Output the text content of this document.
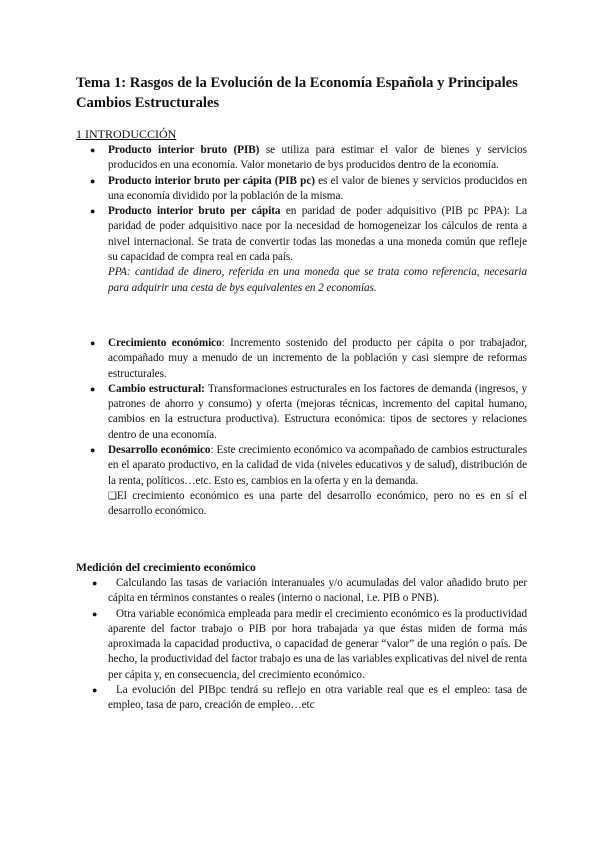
Tema 1: Rasgos de la Evolución de la Economía Española y Principales Cambios Estructurales

1 INTRODUCCIÓN

● Producto interior bruto (PIB) se utiliza para estimar el valor de bienes y servicios producidos en una economía. Valor monetario de bys producidos dentro de la economía.
● Producto interior bruto per cápita (PIB pc) es el valor de bienes y servicios producidos en una economía dividido por la población de la misma.
● Producto interior bruto per cápita en paridad de poder adquisitivo (PIB pc PPA): La paridad de poder adquisitivo nace por la necesidad de homogeneizar los cálculos de renta a nivel internacional. Se trata de convertir todas las monedas a una moneda común que refleje su capacidad de compra real en cada país.
PPA: cantidad de dinero, referida en una moneda que se trata como referencia, necesaria para adquirir una cesta de bys equivalentes en 2 economías.
● Crecimiento económico: Incremento sostenido del producto per cápita o por trabajador, acompañado muy a menudo de un incremento de la población y casi siempre de reformas estructurales.
● Cambio estructural: Transformaciones estructurales en los factores de demanda (ingresos, y patrones de ahorro y consumo) y oferta (mejoras técnicas, incremento del capital humano, cambios en la estructura productiva). Estructura económica: tipos de sectores y relaciones dentro de una economía.
● Desarrollo económico: Este crecimiento económico va acompañado de cambios estructurales en el aparato productivo, en la calidad de vida (niveles educativos y de salud), distribución de la renta, políticos…etc. Esto es, cambios en la oferta y en la demanda.
❑El crecimiento económico es una parte del desarrollo económico, pero no es en sí el desarrollo económico.

Medición del crecimiento económico

●	Calculando las tasas de variación interanuales y/o acumuladas del valor añadido bruto per cápita en términos constantes o reales (interno o nacional, i.e. PIB o PNB).
●	Otra variable económica empleada para medir el crecimiento económico es la productividad aparente del factor trabajo o PIB por hora trabajada ya que éstas miden de forma más aproximada la capacidad productiva, o capacidad de generar “valor” de una región o país. De hecho, la productividad del factor trabajo es una de las variables explicativas del nivel de renta per cápita y, en consecuencia, del crecimiento económico.
●	La evolución del PIBpc tendrá su reflejo en otra variable real que es el empleo: tasa de empleo, tasa de paro, creación de empleo…etc
